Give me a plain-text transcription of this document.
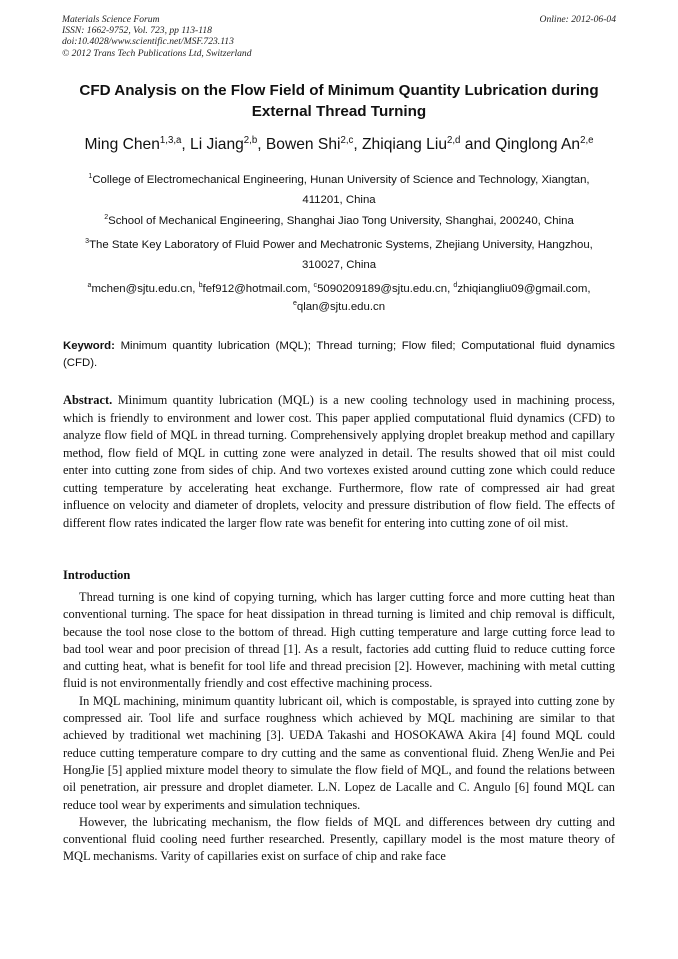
Materials Science Forum
ISSN: 1662-9752, Vol. 723, pp 113-118
doi:10.4028/www.scientific.net/MSF.723.113
© 2012 Trans Tech Publications Ltd, Switzerland
Online: 2012-06-04
CFD Analysis on the Flow Field of Minimum Quantity Lubrication during External Thread Turning
Ming Chen$^{1,3,a}$, Li Jiang$^{2,b}$, Bowen Shi$^{2,c}$, Zhiqiang Liu$^{2,d}$ and Qinglong An$^{2,e}$
$^1$College of Electromechanical Engineering, Hunan University of Science and Technology, Xiangtan, 411201, China
$^2$School of Mechanical Engineering, Shanghai Jiao Tong University, Shanghai, 200240, China
$^3$The State Key Laboratory of Fluid Power and Mechatronic Systems, Zhejiang University, Hangzhou, 310027, China
$^a$mchen@sjtu.edu.cn, $^b$fef912@hotmail.com, $^c$5090209189@sjtu.edu.cn, $^d$zhiqiangliu09@gmail.com,
$^e$qlan@sjtu.edu.cn
Keyword: Minimum quantity lubrication (MQL); Thread turning; Flow filed; Computational fluid dynamics (CFD).
Abstract. Minimum quantity lubrication (MQL) is a new cooling technology used in machining process, which is friendly to environment and lower cost. This paper applied computational fluid dynamics (CFD) to analyze flow field of MQL in thread turning. Comprehensively applying droplet breakup method and capillary method, flow field of MQL in cutting zone were analyzed in detail. The results showed that oil mist could enter into cutting zone from sides of chip. And two vortexes existed around cutting zone which could reduce cutting temperature by accelerating heat exchange. Furthermore, flow rate of compressed air had great influence on velocity and diameter of droplets, velocity and pressure distribution of flow field. The effects of different flow rates indicated the larger flow rate was benefit for entering into cutting zone of oil mist.
Introduction

Thread turning is one kind of copying turning, which has larger cutting force and more cutting heat than conventional turning. The space for heat dissipation in thread turning is limited and chip removal is difficult, because the tool nose close to the bottom of thread. High cutting temperature and large cutting force lead to bad tool wear and poor precision of thread [1]. As a result, factories add cutting fluid to reduce cutting force and cutting heat, what is benefit for tool life and thread precision [2]. However, machining with metal cutting fluid is not environmentally friendly and cost effective machining process.

In MQL machining, minimum quantity lubricant oil, which is compostable, is sprayed into cutting zone by compressed air. Tool life and surface roughness which achieved by MQL machining are similar to that achieved by traditional wet machining [3]. UEDA Takashi and HOSOKAWA Akira [4] found MQL could reduce cutting temperature compare to dry cutting and the same as conventional fluid. Zheng WenJie and Pei HongJie [5] applied mixture model theory to simulate the flow field of MQL, and found the relations between oil penetration, air pressure and droplet diameter. L.N. Lopez de Lacalle and C. Angulo [6] found MQL can reduce tool wear by experiments and simulation techniques.

However, the lubricating mechanism, the flow fields of MQL and differences between dry cutting and conventional fluid cooling need further researched. Presently, capillary model is the most mature theory of MQL mechanisms. Varity of capillaries exist on surface of chip and rake face
